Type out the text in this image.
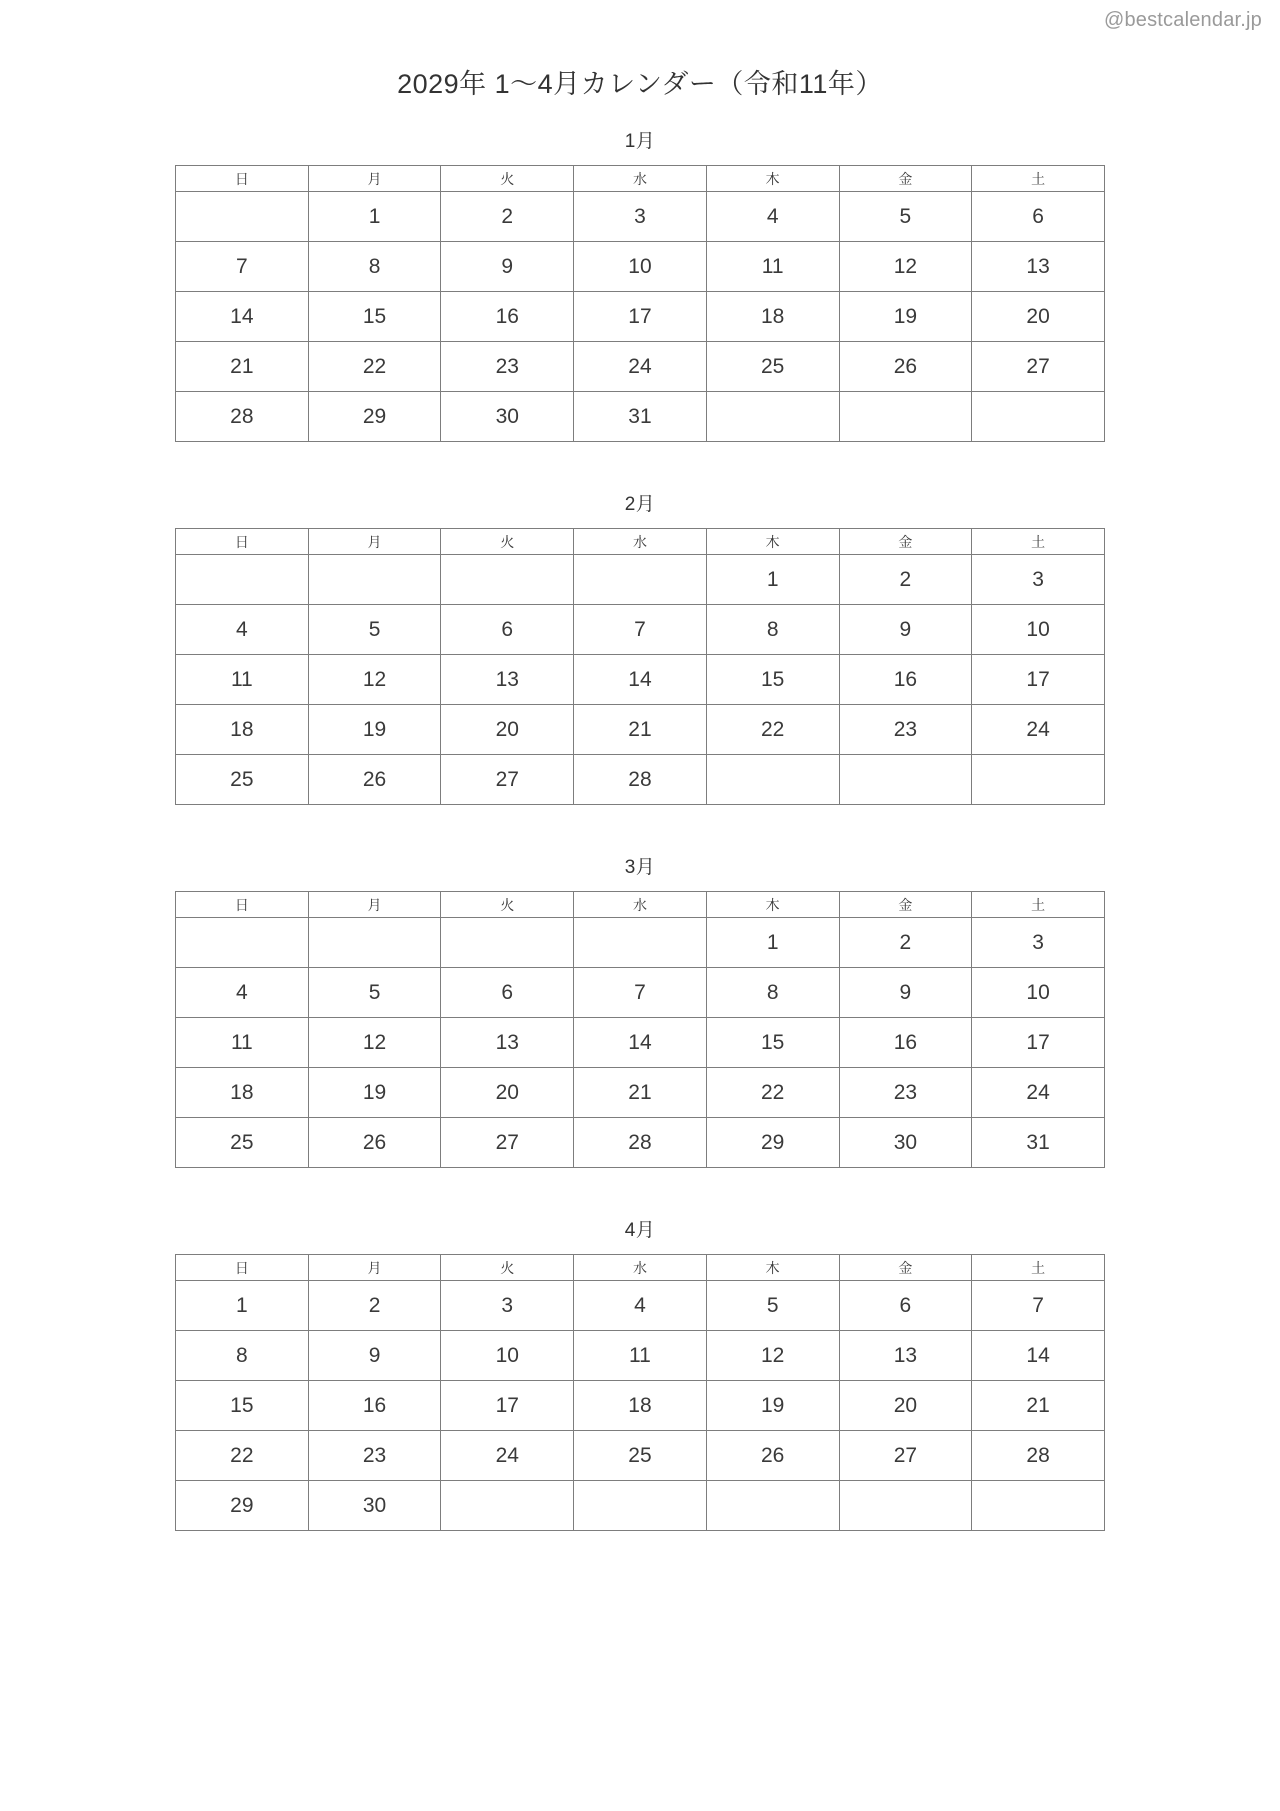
@bestcalendar.jp
2029年 1〜4月カレンダー（令和11年）
1月
日	月	火	水	木	金	土
	1	2	3	4	5	6
7	8	9	10	11	12	13
14	15	16	17	18	19	20
21	22	23	24	25	26	27
28	29	30	31			
2月
日	月	火	水	木	金	土
				1	2	3
4	5	6	7	8	9	10
11	12	13	14	15	16	17
18	19	20	21	22	23	24
25	26	27	28			
3月
日	月	火	水	木	金	土
				1	2	3
4	5	6	7	8	9	10
11	12	13	14	15	16	17
18	19	20	21	22	23	24
25	26	27	28	29	30	31
4月
日	月	火	水	木	金	土
1	2	3	4	5	6	7
8	9	10	11	12	13	14
15	16	17	18	19	20	21
22	23	24	25	26	27	28
29	30					
